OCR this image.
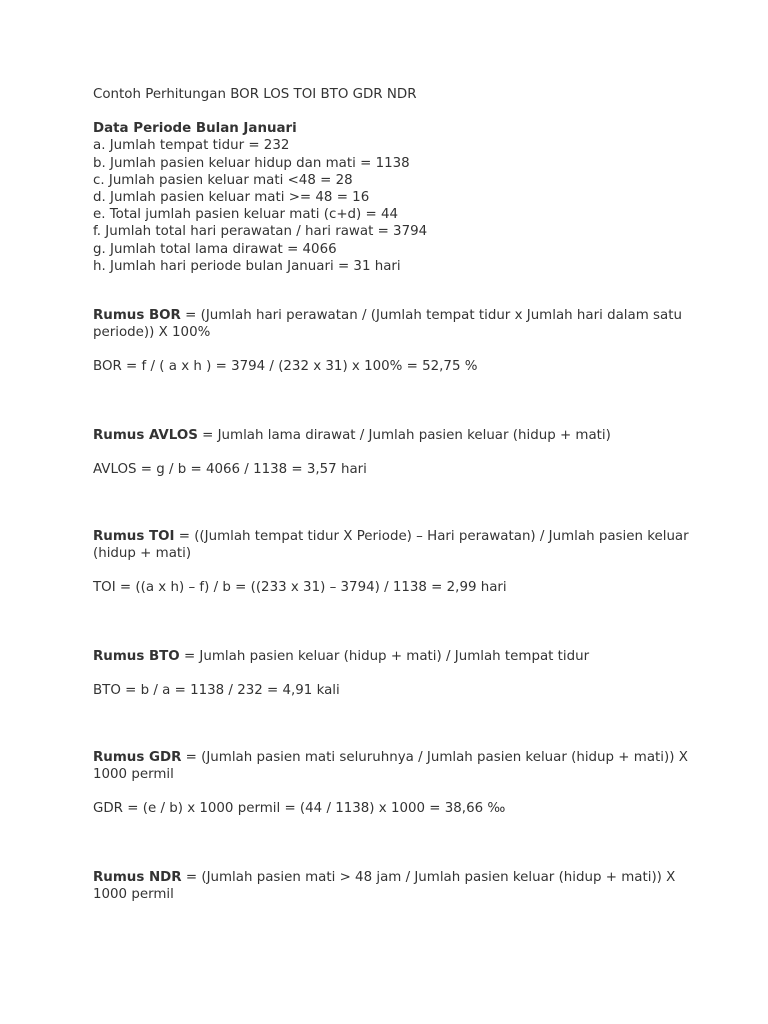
Contoh Perhitungan BOR LOS TOI BTO GDR NDR

Data Periode Bulan Januari

a. Jumlah tempat tidur = 232

b. Jumlah pasien keluar hidup dan mati = 1138

c. Jumlah pasien keluar mati <48 = 28

d. Jumlah pasien keluar mati >= 48 = 16

e. Total jumlah pasien keluar mati (c+d) = 44

f. Jumlah total hari perawatan / hari rawat = 3794

g. Jumlah total lama dirawat = 4066

h. Jumlah hari periode bulan Januari = 31 hari

Rumus BOR = (Jumlah hari perawatan / (Jumlah tempat tidur x Jumlah hari dalam satu periode)) X 100%

BOR = f / ( a x h ) = 3794 / (232 x 31) x 100% = 52,75 %

Rumus AVLOS = Jumlah lama dirawat / Jumlah pasien keluar (hidup + mati)

AVLOS = g / b = 4066 / 1138 = 3,57 hari

Rumus TOI = ((Jumlah tempat tidur X Periode) – Hari perawatan) / Jumlah pasien keluar (hidup + mati)

TOI = ((a x h) – f) / b = ((233 x 31) – 3794) / 1138 = 2,99 hari

Rumus BTO = Jumlah pasien keluar (hidup + mati) / Jumlah tempat tidur

BTO = b / a = 1138 / 232 = 4,91 kali

Rumus GDR = (Jumlah pasien mati seluruhnya / Jumlah pasien keluar (hidup + mati)) X 1000 permil

GDR = (e / b) x 1000 permil = (44 / 1138) x 1000 = 38,66 ‰

Rumus NDR = (Jumlah pasien mati > 48 jam / Jumlah pasien keluar (hidup + mati)) X 1000 permil
